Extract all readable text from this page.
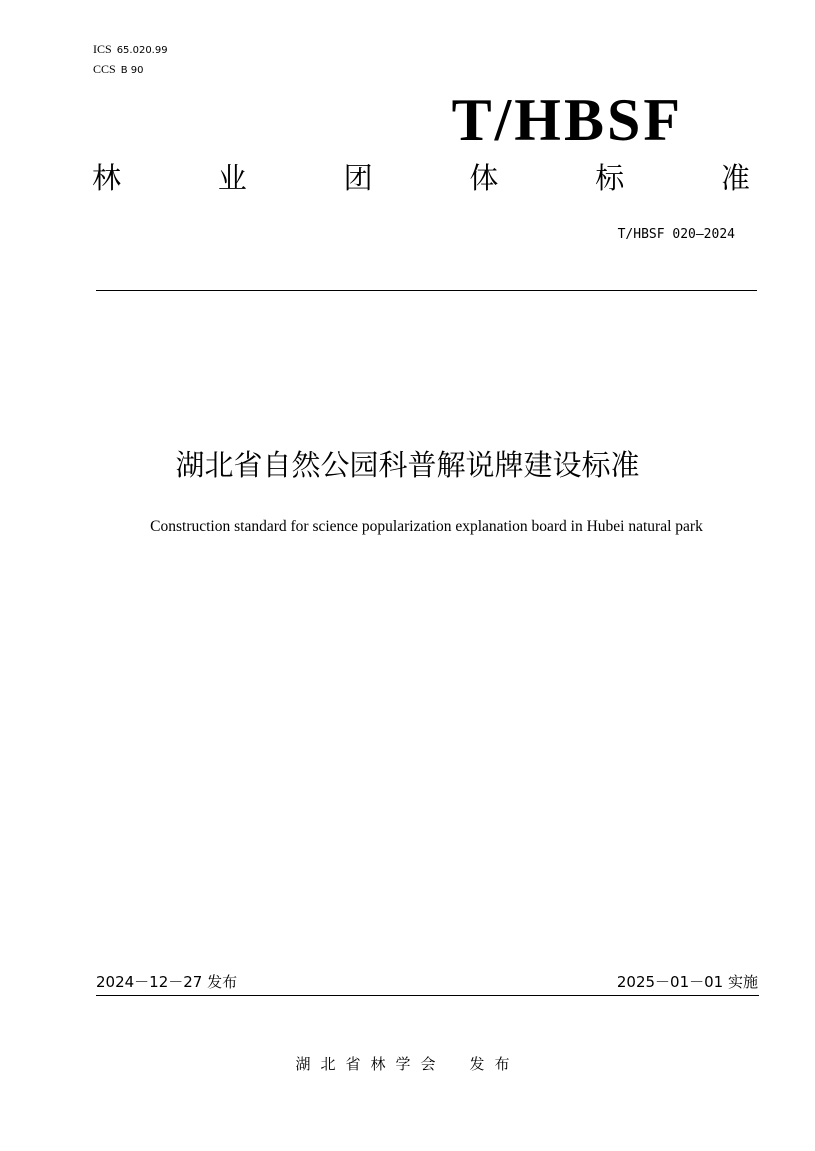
ICS 65.020.99
CCS B 90
T/HBSF
林	业	团	体	标	准
T/HBSF 020—2024
湖北省自然公园科普解说牌建设标准
Construction standard for science popularization explanation board in Hubei natural park
2024－12－27 发布	2025－01－01 实施
湖北省林学会 发布
